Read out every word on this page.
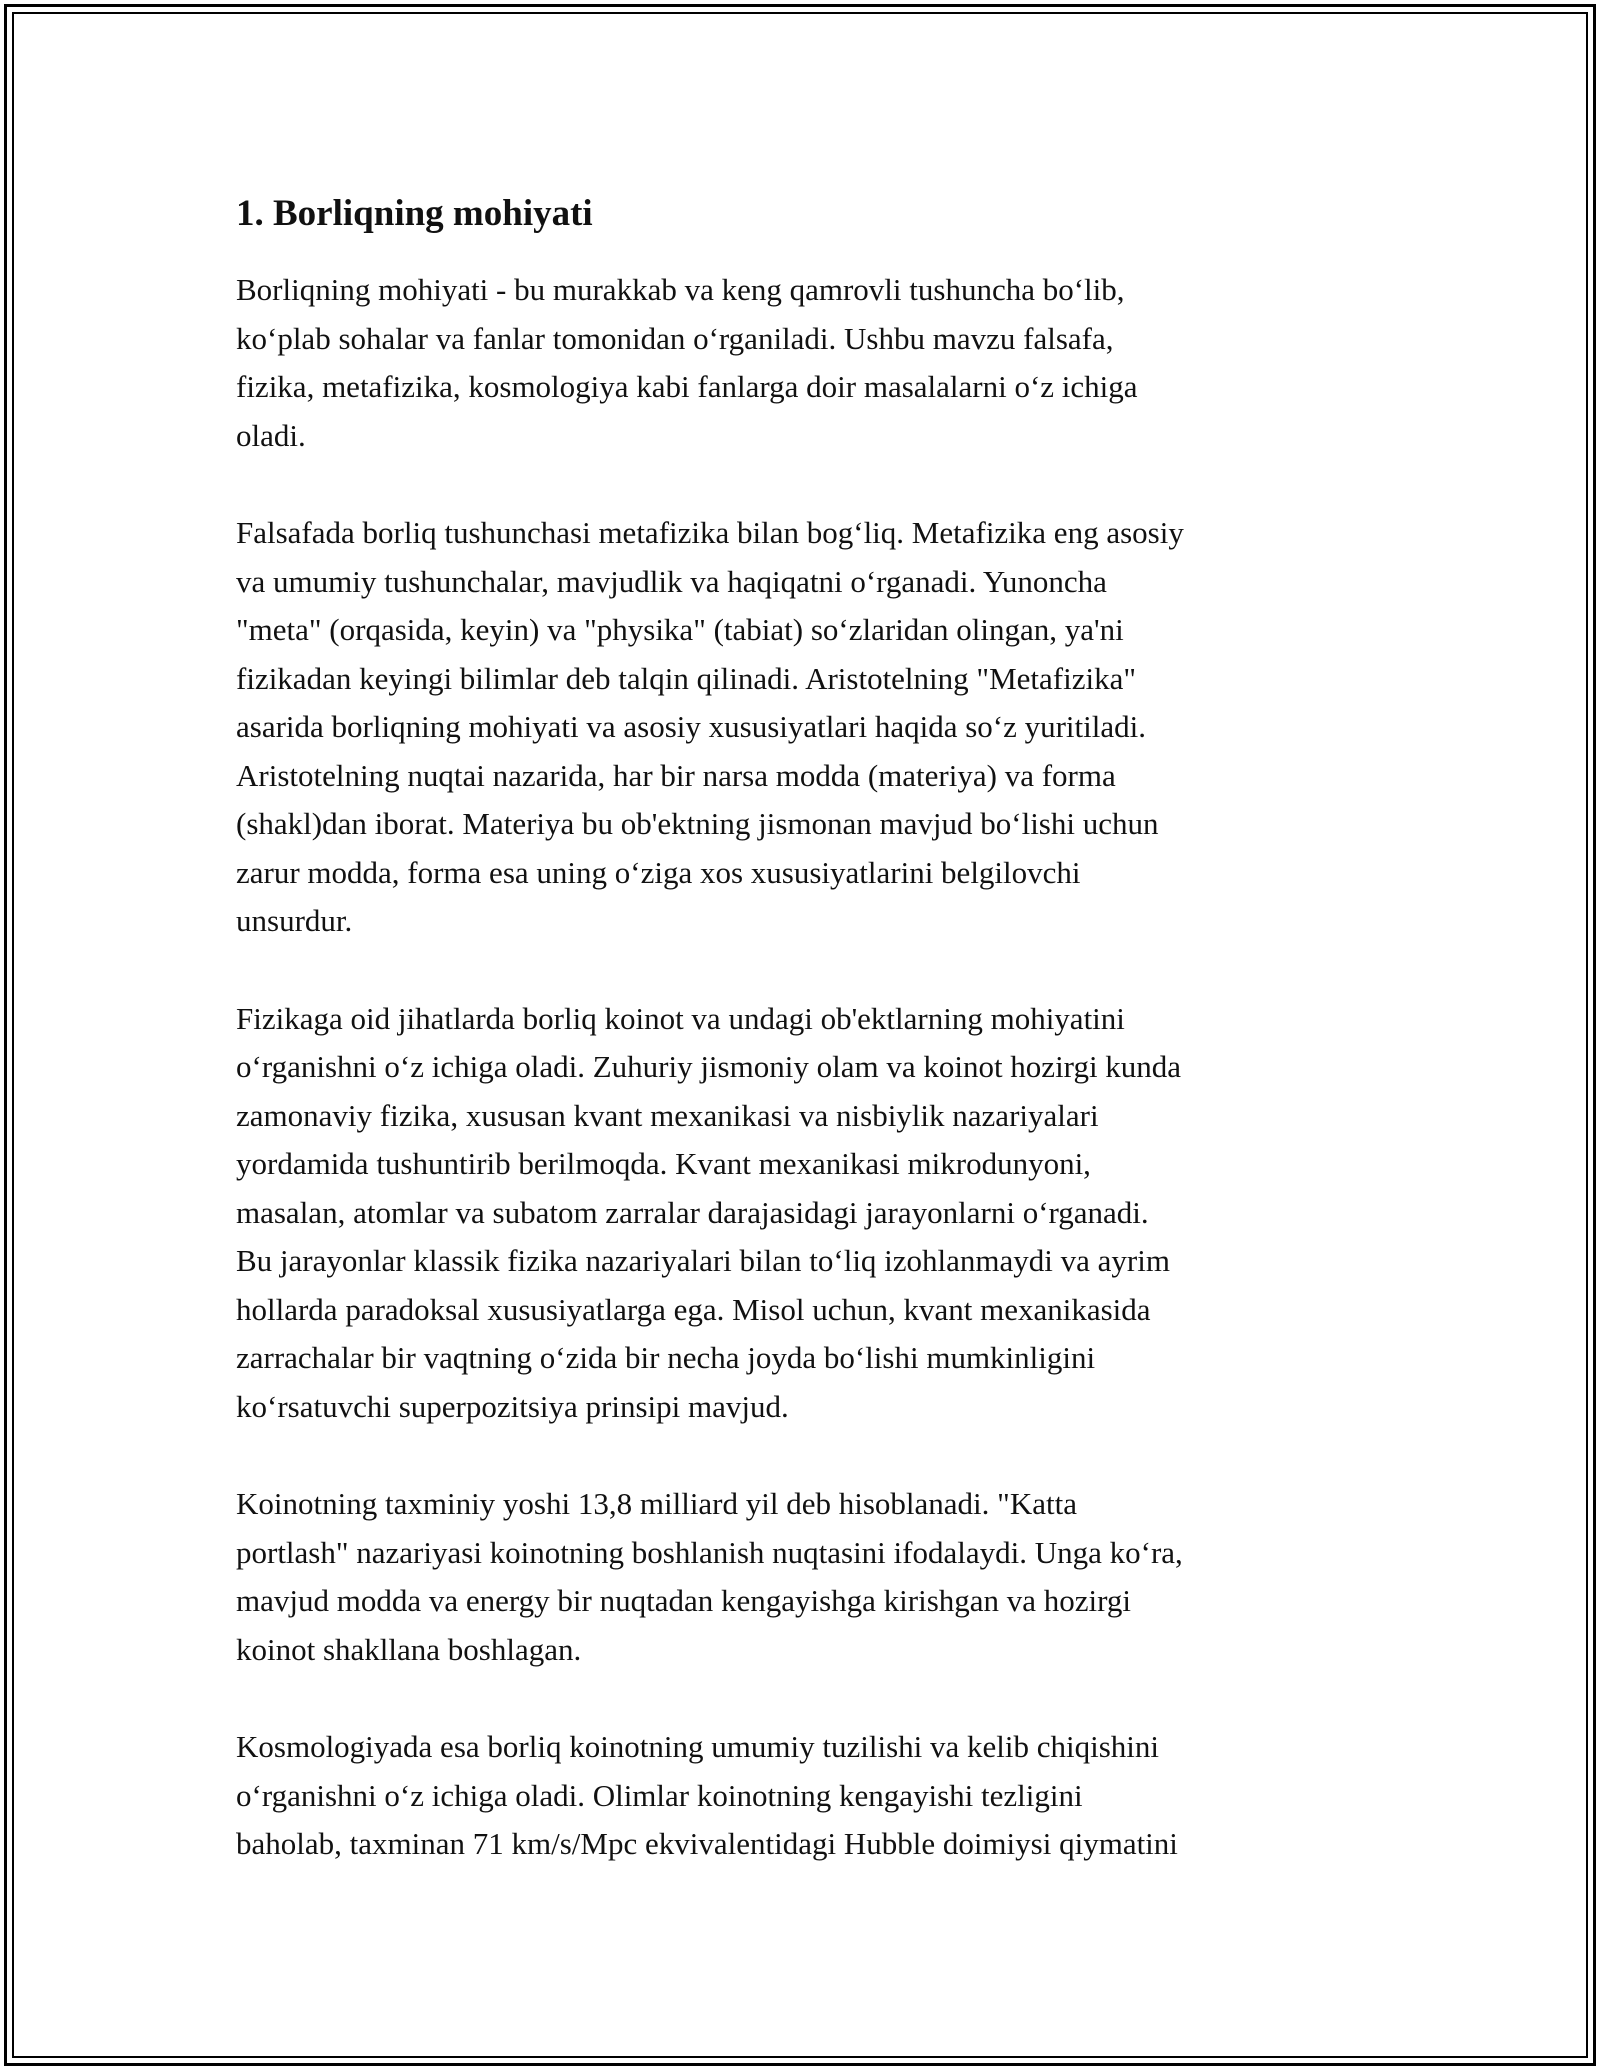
1. Borliqning mohiyati

Borliqning mohiyati - bu murakkab va keng qamrovli tushuncha bo‘lib,
ko‘plab sohalar va fanlar tomonidan o‘rganiladi. Ushbu mavzu falsafa,
fizika, metafizika, kosmologiya kabi fanlarga doir masalalarni o‘z ichiga
oladi.

Falsafada borliq tushunchasi metafizika bilan bog‘liq. Metafizika eng asosiy
va umumiy tushunchalar, mavjudlik va haqiqatni o‘rganadi. Yunoncha
"meta" (orqasida, keyin) va "physika" (tabiat) so‘zlaridan olingan, ya'ni
fizikadan keyingi bilimlar deb talqin qilinadi. Aristotelning "Metafizika"
asarida borliqning mohiyati va asosiy xususiyatlari haqida so‘z yuritiladi.
Aristotelning nuqtai nazarida, har bir narsa modda (materiya) va forma
(shakl)dan iborat. Materiya bu ob'ektning jismonan mavjud bo‘lishi uchun
zarur modda, forma esa uning o‘ziga xos xususiyatlarini belgilovchi
unsurdur.

Fizikaga oid jihatlarda borliq koinot va undagi ob'ektlarning mohiyatini
o‘rganishni o‘z ichiga oladi. Zuhuriy jismoniy olam va koinot hozirgi kunda
zamonaviy fizika, xususan kvant mexanikasi va nisbiylik nazariyalari
yordamida tushuntirib berilmoqda. Kvant mexanikasi mikrodunyoni,
masalan, atomlar va subatom zarralar darajasidagi jarayonlarni o‘rganadi.
Bu jarayonlar klassik fizika nazariyalari bilan to‘liq izohlanmaydi va ayrim
hollarda paradoksal xususiyatlarga ega. Misol uchun, kvant mexanikasida
zarrachalar bir vaqtning o‘zida bir necha joyda bo‘lishi mumkinligini
ko‘rsatuvchi superpozitsiya prinsipi mavjud.

Koinotning taxminiy yoshi 13,8 milliard yil deb hisoblanadi. "Katta
portlash" nazariyasi koinotning boshlanish nuqtasini ifodalaydi. Unga ko‘ra,
mavjud modda va energy bir nuqtadan kengayishga kirishgan va hozirgi
koinot shakllana boshlagan.

Kosmologiyada esa borliq koinotning umumiy tuzilishi va kelib chiqishini
o‘rganishni o‘z ichiga oladi. Olimlar koinotning kengayishi tezligini
baholab, taxminan 71 km/s/Mpc ekvivalentidagi Hubble doimiysi qiymatini
